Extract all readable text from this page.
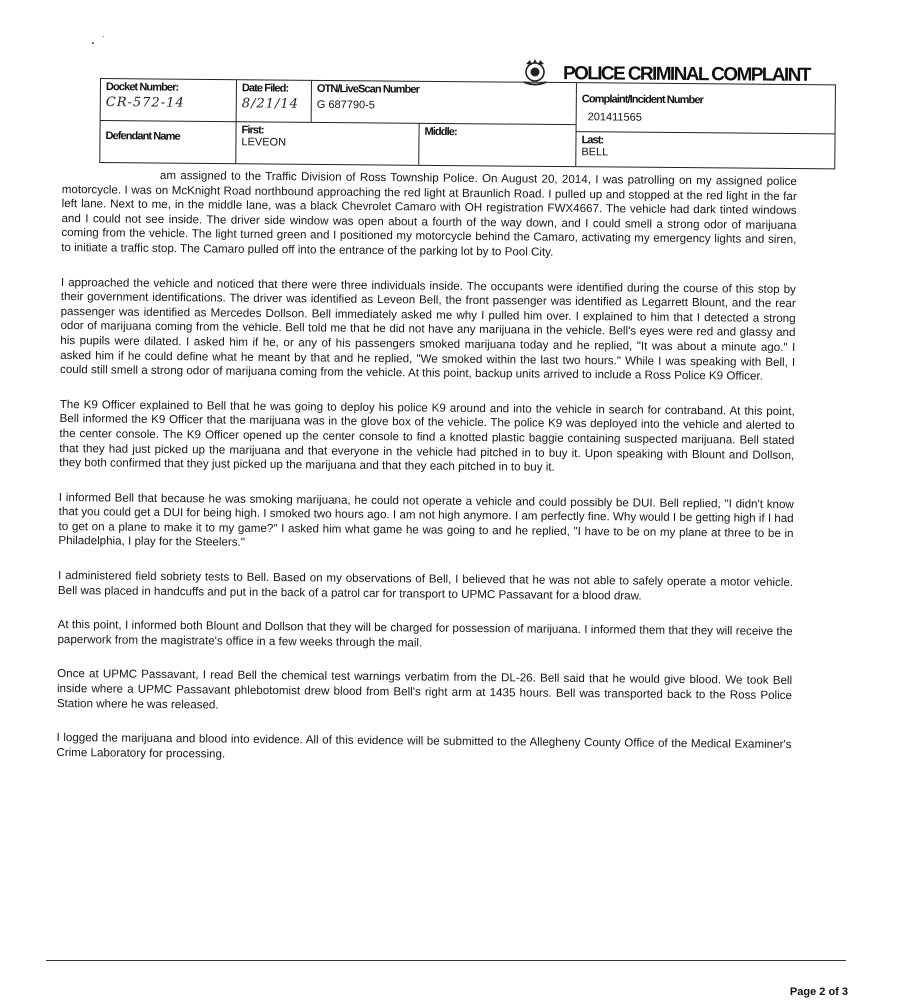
POLICE CRIMINAL COMPLAINT
Docket Number:
CR-572-14
Date Filed:
8/21/14
OTN/LiveScan Number
G 687790-5	Complaint/Incident Number
201411565
Defendant Name	First:
LEVEON
Middle:
Last:
BELL

am assigned to the Traffic Division of Ross Township Police. On August 20, 2014, I was patrolling on my assigned police motorcycle. I was on McKnight Road northbound approaching the red light at Braunlich Road. I pulled up and stopped at the red light in the far left lane. Next to me, in the middle lane, was a black Chevrolet Camaro with OH registration FWX4667. The vehicle had dark tinted windows and I could not see inside. The driver side window was open about a fourth of the way down, and I could smell a strong odor of marijuana coming from the vehicle. The light turned green and I positioned my motorcycle behind the Camaro, activating my emergency lights and siren, to initiate a traffic stop. The Camaro pulled off into the entrance of the parking lot by to Pool City.

I approached the vehicle and noticed that there were three individuals inside. The occupants were identified during the course of this stop by their government identifications. The driver was identified as Leveon Bell, the front passenger was identified as Legarrett Blount, and the rear passenger was identified as Mercedes Dollson. Bell immediately asked me why I pulled him over. I explained to him that I detected a strong odor of marijuana coming from the vehicle. Bell told me that he did not have any marijuana in the vehicle. Bell's eyes were red and glassy and his pupils were dilated. I asked him if he, or any of his passengers smoked marijuana today and he replied, "It was about a minute ago." I asked him if he could define what he meant by that and he replied, "We smoked within the last two hours." While I was speaking with Bell, I could still smell a strong odor of marijuana coming from the vehicle. At this point, backup units arrived to include a Ross Police K9 Officer.

The K9 Officer explained to Bell that he was going to deploy his police K9 around and into the vehicle in search for contraband. At this point, Bell informed the K9 Officer that the marijuana was in the glove box of the vehicle. The police K9 was deployed into the vehicle and alerted to the center console. The K9 Officer opened up the center console to find a knotted plastic baggie containing suspected marijuana. Bell stated that they had just picked up the marijuana and that everyone in the vehicle had pitched in to buy it. Upon speaking with Blount and Dollson, they both confirmed that they just picked up the marijuana and that they each pitched in to buy it.

I informed Bell that because he was smoking marijuana, he could not operate a vehicle and could possibly be DUI. Bell replied, "I didn't know that you could get a DUI for being high. I smoked two hours ago. I am not high anymore. I am perfectly fine. Why would I be getting high if I had to get on a plane to make it to my game?" I asked him what game he was going to and he replied, "I have to be on my plane at three to be in Philadelphia, I play for the Steelers."

I administered field sobriety tests to Bell. Based on my observations of Bell, I believed that he was not able to safely operate a motor vehicle. Bell was placed in handcuffs and put in the back of a patrol car for transport to UPMC Passavant for a blood draw.

At this point, I informed both Blount and Dollson that they will be charged for possession of marijuana. I informed them that they will receive the paperwork from the magistrate's office in a few weeks through the mail.

Once at UPMC Passavant, I read Bell the chemical test warnings verbatim from the DL-26. Bell said that he would give blood. We took Bell inside where a UPMC Passavant phlebotomist drew blood from Bell's right arm at 1435 hours. Bell was transported back to the Ross Police Station where he was released.

I logged the marijuana and blood into evidence. All of this evidence will be submitted to the Allegheny County Office of the Medical Examiner's Crime Laboratory for processing.

Page 2 of 3
